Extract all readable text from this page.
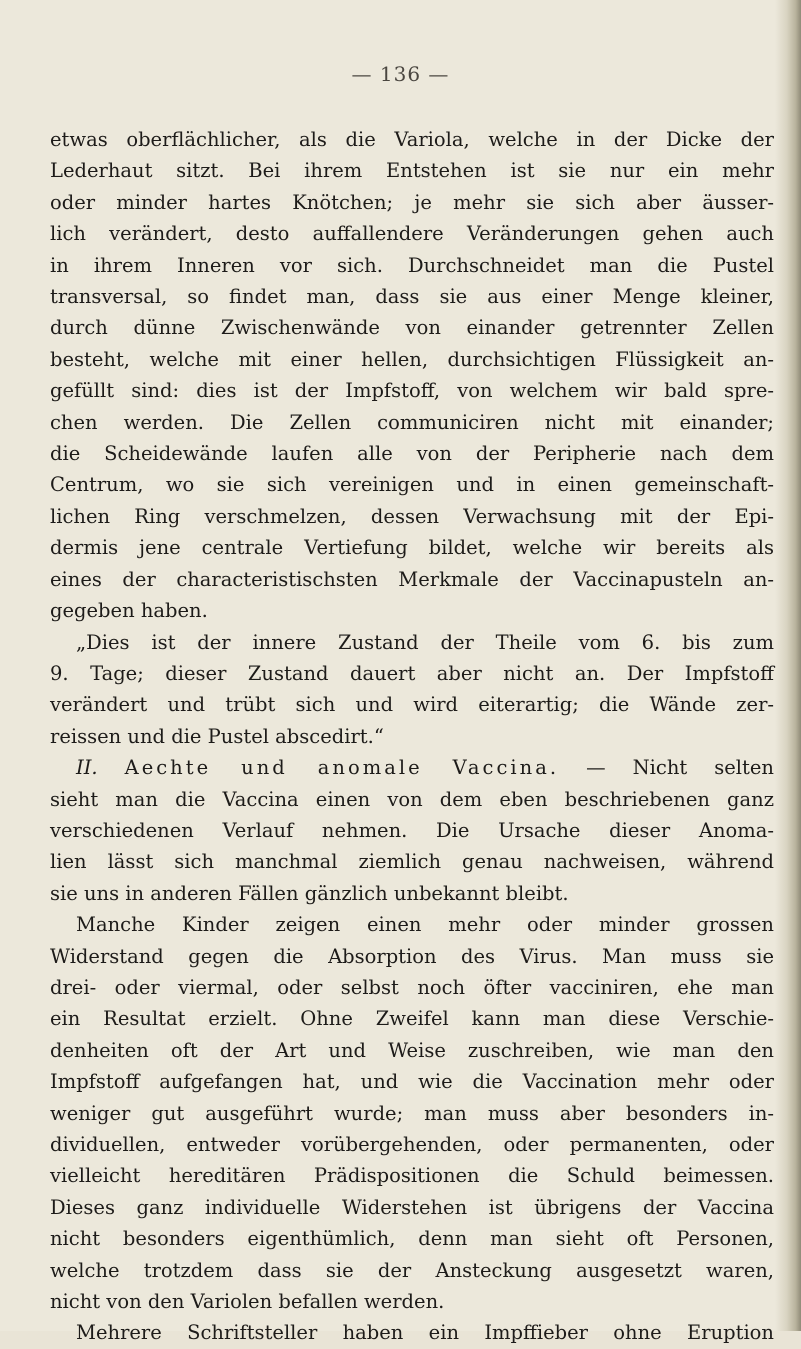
— 136 —
etwas oberflächlicher, als die Variola, welche in der Dicke der
Lederhaut sitzt. Bei ihrem Entstehen ist sie nur ein mehr
oder minder hartes Knötchen; je mehr sie sich aber äusser-
lich verändert, desto auffallendere Veränderungen gehen auch
in ihrem Inneren vor sich. Durchschneidet man die Pustel
transversal, so findet man, dass sie aus einer Menge kleiner,
durch dünne Zwischenwände von einander getrennter Zellen
besteht, welche mit einer hellen, durchsichtigen Flüssigkeit an-
gefüllt sind: dies ist der Impfstoff, von welchem wir bald spre-
chen werden. Die Zellen communiciren nicht mit einander;
die Scheidewände laufen alle von der Peripherie nach dem
Centrum, wo sie sich vereinigen und in einen gemeinschaft-
lichen Ring verschmelzen, dessen Verwachsung mit der Epi-
dermis jene centrale Vertiefung bildet, welche wir bereits als
eines der characteristischsten Merkmale der Vaccinapusteln an-
gegeben haben.
„Dies ist der innere Zustand der Theile vom 6. bis zum
9. Tage; dieser Zustand dauert aber nicht an. Der Impfstoff
verändert und trübt sich und wird eiterartig; die Wände zer-
reissen und die Pustel abscedirt.“
II. Aechte und anomale Vaccina. — Nicht selten
sieht man die Vaccina einen von dem eben beschriebenen ganz
verschiedenen Verlauf nehmen. Die Ursache dieser Anoma-
lien lässt sich manchmal ziemlich genau nachweisen, während
sie uns in anderen Fällen gänzlich unbekannt bleibt.
Manche Kinder zeigen einen mehr oder minder grossen
Widerstand gegen die Absorption des Virus. Man muss sie
drei- oder viermal, oder selbst noch öfter vacciniren, ehe man
ein Resultat erzielt. Ohne Zweifel kann man diese Verschie-
denheiten oft der Art und Weise zuschreiben, wie man den
Impfstoff aufgefangen hat, und wie die Vaccination mehr oder
weniger gut ausgeführt wurde; man muss aber besonders in-
dividuellen, entweder vorübergehenden, oder permanenten, oder
vielleicht hereditären Prädispositionen die Schuld beimessen.
Dieses ganz individuelle Widerstehen ist übrigens der Vaccina
nicht besonders eigenthümlich, denn man sieht oft Personen,
welche trotzdem dass sie der Ansteckung ausgesetzt waren,
nicht von den Variolen befallen werden.
Mehrere Schriftsteller haben ein Impffieber ohne Eruption
